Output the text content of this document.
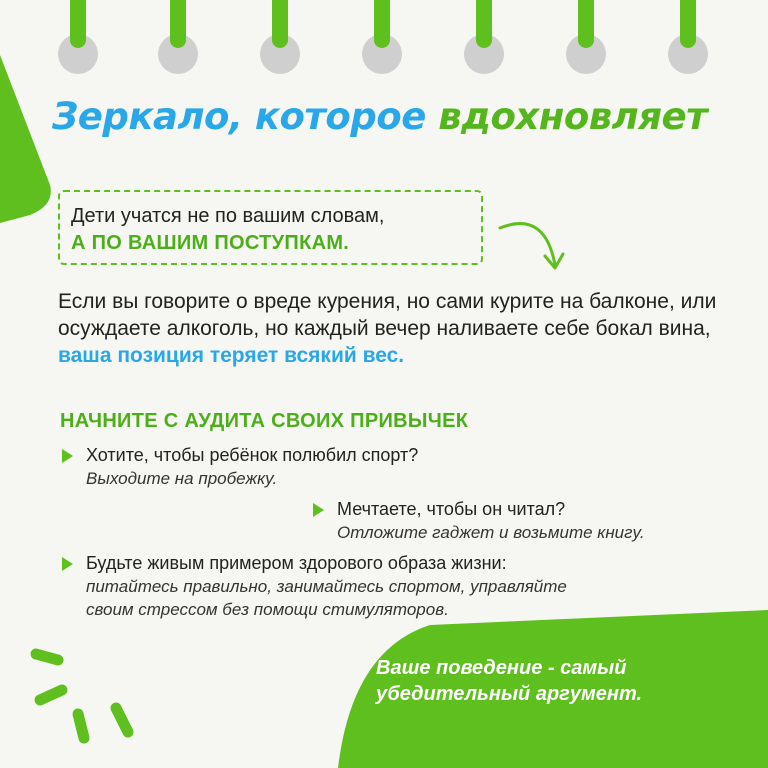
Зеркало, которое вдохновляет
Дети учатся не по вашим словам,
А ПО ВАШИМ ПОСТУПКАМ.
Если вы говорите о вреде курения, но сами курите на балконе, или осуждаете алкоголь, но каждый вечер наливаете себе бокал вина, ваша позиция теряет всякий вес.
НАЧНИТЕ С АУДИТА СВОИХ ПРИВЫЧЕК
Хотите, чтобы ребёнок полюбил спорт?
Выходите на пробежку.
Мечтаете, чтобы он читал?
Отложите гаджет и возьмите книгу.
Будьте живым примером здорового образа жизни:
питайтесь правильно, занимайтесь спортом, управляйте
своим стрессом без помощи стимуляторов.
Ваше поведение - самый
убедительный аргумент.
